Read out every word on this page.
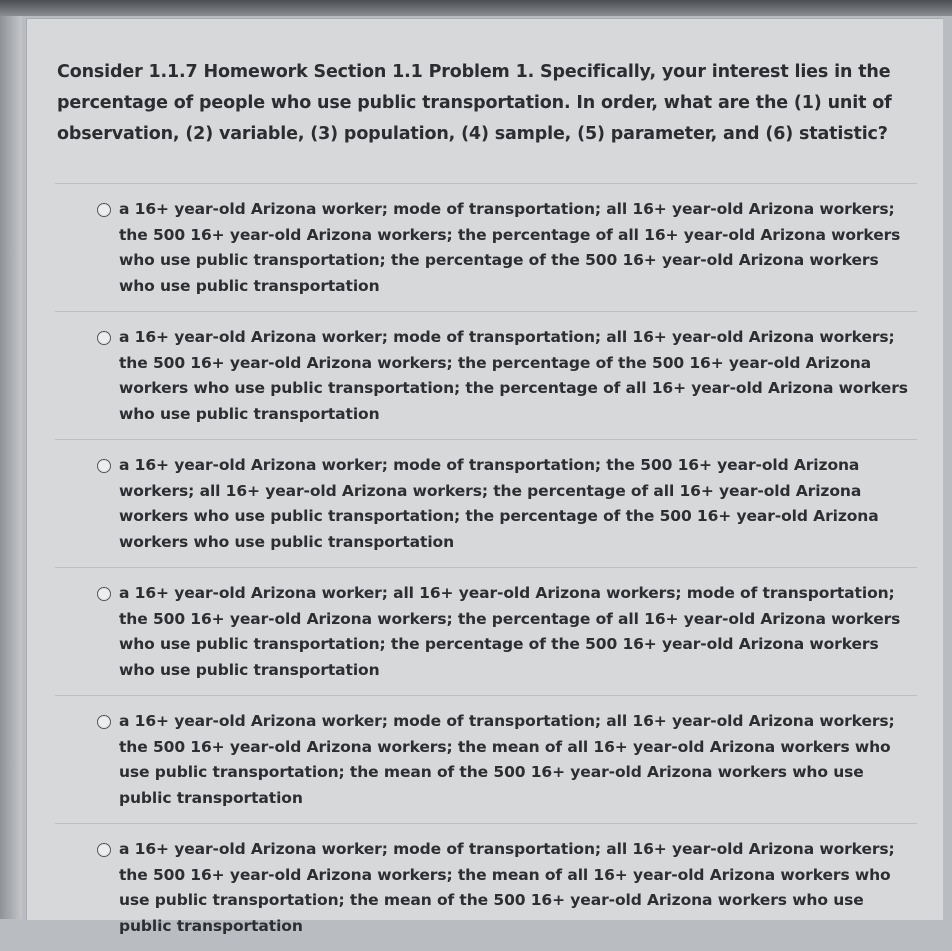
Consider 1.1.7 Homework Section 1.1 Problem 1. Specifically, your interest lies in the percentage of people who use public transportation. In order, what are the (1) unit of observation, (2) variable, (3) population, (4) sample, (5) parameter, and (6) statistic?

a 16+ year-old Arizona worker; mode of transportation; all 16+ year-old Arizona workers; the 500 16+ year-old Arizona workers; the percentage of all 16+ year-old Arizona workers who use public transportation; the percentage of the 500 16+ year-old Arizona workers who use public transportation
a 16+ year-old Arizona worker; mode of transportation; all 16+ year-old Arizona workers; the 500 16+ year-old Arizona workers; the percentage of the 500 16+ year-old Arizona workers who use public transportation; the percentage of all 16+ year-old Arizona workers who use public transportation
a 16+ year-old Arizona worker; mode of transportation; the 500 16+ year-old Arizona workers; all 16+ year-old Arizona workers; the percentage of all 16+ year-old Arizona workers who use public transportation; the percentage of the 500 16+ year-old Arizona workers who use public transportation
a 16+ year-old Arizona worker; all 16+ year-old Arizona workers; mode of transportation; the 500 16+ year-old Arizona workers; the percentage of all 16+ year-old Arizona workers who use public transportation; the percentage of the 500 16+ year-old Arizona workers who use public transportation
a 16+ year-old Arizona worker; mode of transportation; all 16+ year-old Arizona workers; the 500 16+ year-old Arizona workers; the mean of all 16+ year-old Arizona workers who use public transportation; the mean of the 500 16+ year-old Arizona workers who use public transportation
a 16+ year-old Arizona worker; mode of transportation; all 16+ year-old Arizona workers; the 500 16+ year-old Arizona workers; the mean of all 16+ year-old Arizona workers who use public transportation; the mean of the 500 16+ year-old Arizona workers who use public transportation
